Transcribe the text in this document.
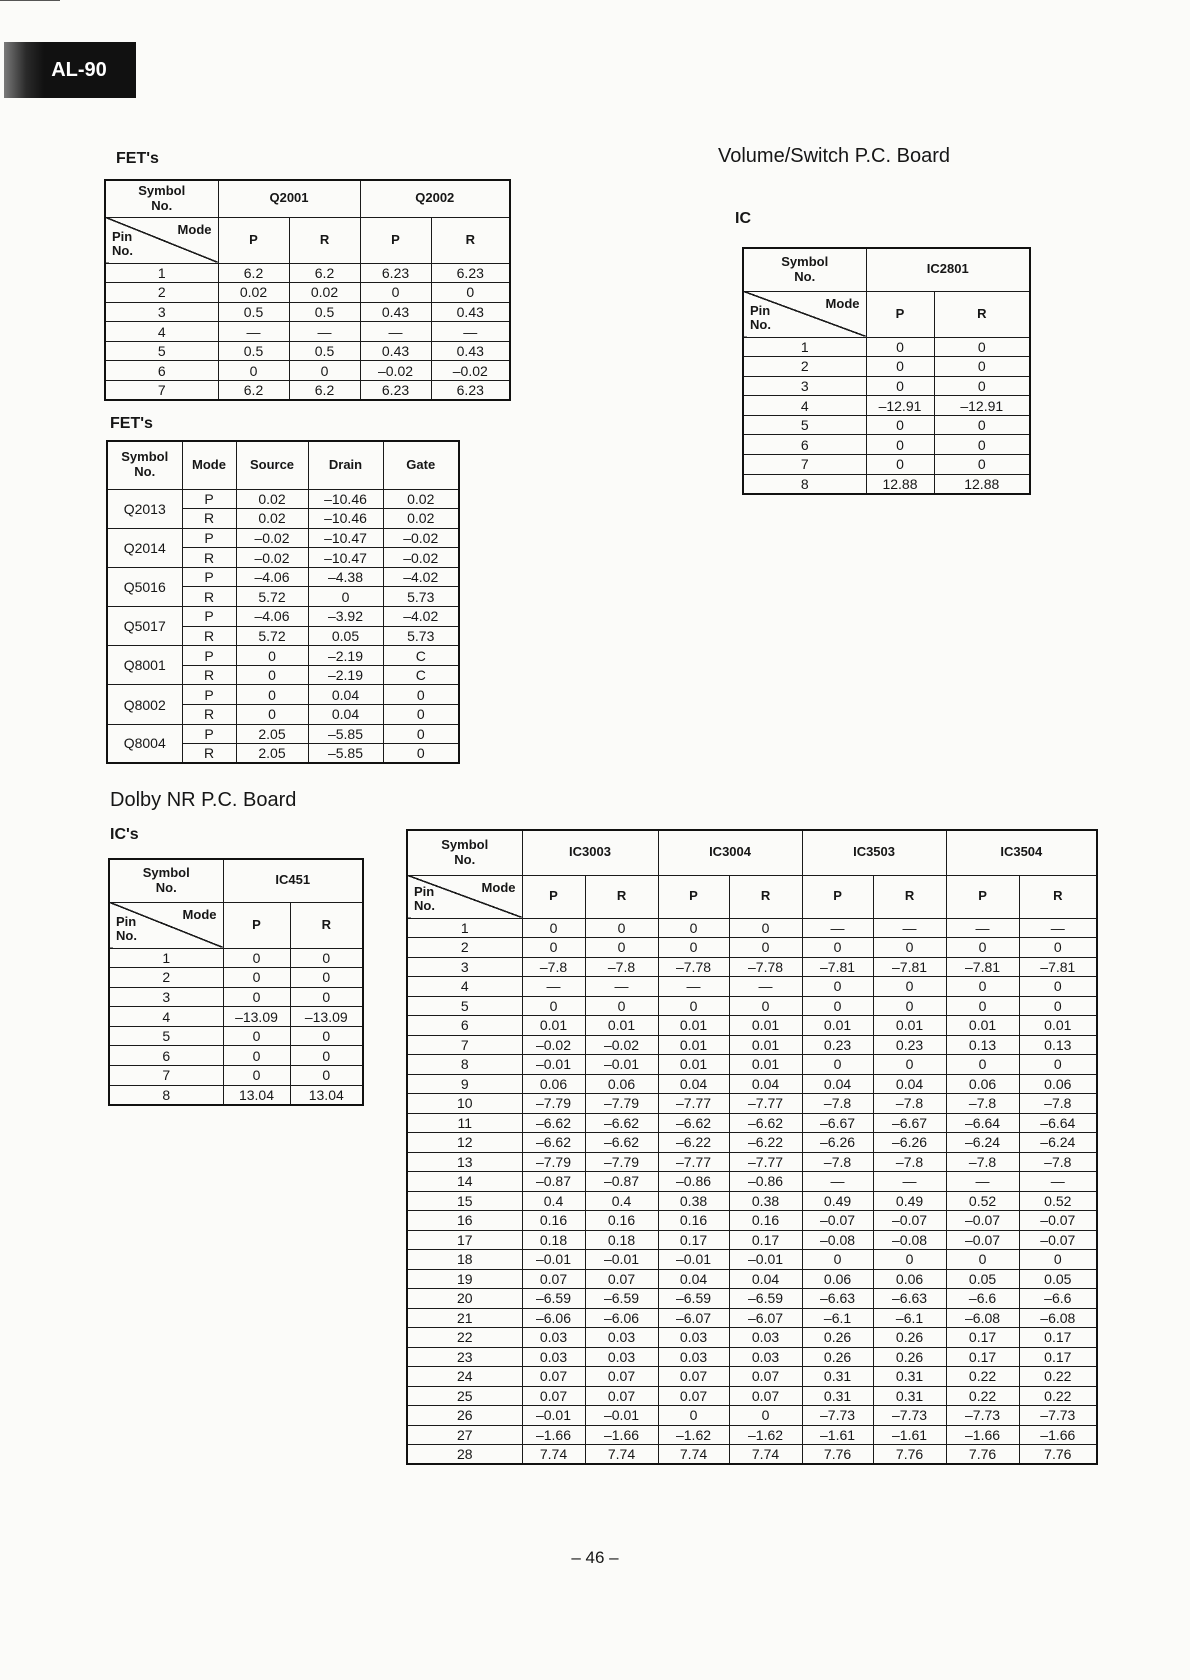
AL-90
FET's
Symbol
No.	Q2001		Q2002	

Mode
Pin
No.	P	R	P	R
1	6.2	6.2	6.23	6.23
2	0.02	0.02	0	0
3	0.5	0.5	0.43	0.43
4	—	—	—	—
5	0.5	0.5	0.43	0.43
6	0	0	–0.02	–0.02
7	6.2	6.2	6.23	6.23
FET's
Symbol
No.	Mode	Source	Drain	Gate
Q2013	P	0.02	–10.46	0.02
	R	0.02	–10.46	0.02
Q2014	P	–0.02	–10.47	–0.02
	R	–0.02	–10.47	–0.02
Q5016	P	–4.06	–4.38	–4.02
	R	5.72	0	5.73
Q5017	P	–4.06	–3.92	–4.02
	R	5.72	0.05	5.73
Q8001	P	0	–2.19	C
	R	0	–2.19	C
Q8002	P	0	0.04	0
	R	0	0.04	0
Q8004	P	2.05	–5.85	0
	R	2.05	–5.85	0
Volume/Switch P.C. Board
IC
Symbol
No.	IC2801	

Mode
Pin
No.	P	R
1	0	0
2	0	0
3	0	0
4	–12.91	–12.91
5	0	0
6	0	0
7	0	0
8	12.88	12.88
Dolby NR P.C. Board
IC's
Symbol
No.	IC451	

Mode
Pin
No.	P	R
1	0	0
2	0	0
3	0	0
4	–13.09	–13.09
5	0	0
6	0	0
7	0	0
8	13.04	13.04
Symbol
No.	IC3003		IC3004		IC3503		IC3504	

Mode
Pin
No.	P	R	P	R	P	R	P	R
1	0	0	0	0	—	—	—	—
2	0	0	0	0	0	0	0	0
3	–7.8	–7.8	–7.78	–7.78	–7.81	–7.81	–7.81	–7.81
4	—	—	—	—	0	0	0	0
5	0	0	0	0	0	0	0	0
6	0.01	0.01	0.01	0.01	0.01	0.01	0.01	0.01
7	–0.02	–0.02	0.01	0.01	0.23	0.23	0.13	0.13
8	–0.01	–0.01	0.01	0.01	0	0	0	0
9	0.06	0.06	0.04	0.04	0.04	0.04	0.06	0.06
10	–7.79	–7.79	–7.77	–7.77	–7.8	–7.8	–7.8	–7.8
11	–6.62	–6.62	–6.62	–6.62	–6.67	–6.67	–6.64	–6.64
12	–6.62	–6.62	–6.22	–6.22	–6.26	–6.26	–6.24	–6.24
13	–7.79	–7.79	–7.77	–7.77	–7.8	–7.8	–7.8	–7.8
14	–0.87	–0.87	–0.86	–0.86	—	—	—	—
15	0.4	0.4	0.38	0.38	0.49	0.49	0.52	0.52
16	0.16	0.16	0.16	0.16	–0.07	–0.07	–0.07	–0.07
17	0.18	0.18	0.17	0.17	–0.08	–0.08	–0.07	–0.07
18	–0.01	–0.01	–0.01	–0.01	0	0	0	0
19	0.07	0.07	0.04	0.04	0.06	0.06	0.05	0.05
20	–6.59	–6.59	–6.59	–6.59	–6.63	–6.63	–6.6	–6.6
21	–6.06	–6.06	–6.07	–6.07	–6.1	–6.1	–6.08	–6.08
22	0.03	0.03	0.03	0.03	0.26	0.26	0.17	0.17
23	0.03	0.03	0.03	0.03	0.26	0.26	0.17	0.17
24	0.07	0.07	0.07	0.07	0.31	0.31	0.22	0.22
25	0.07	0.07	0.07	0.07	0.31	0.31	0.22	0.22
26	–0.01	–0.01	0	0	–7.73	–7.73	–7.73	–7.73
27	–1.66	–1.66	–1.62	–1.62	–1.61	–1.61	–1.66	–1.66
28	7.74	7.74	7.74	7.74	7.76	7.76	7.76	7.76
– 46 –
